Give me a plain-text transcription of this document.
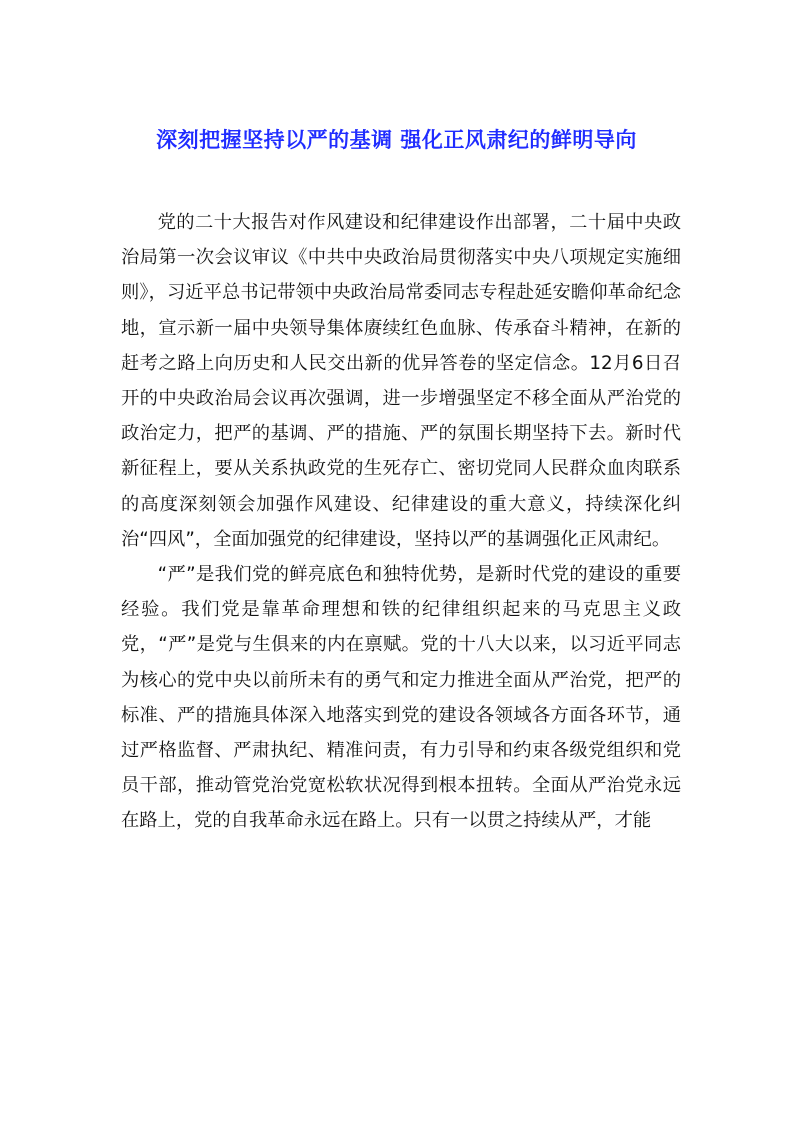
深刻把握坚持以严的基调 强化正风肃纪的鲜明导向

党的二十大报告对作风建设和纪律建设作出部署，二十届中央政治局第一次会议审议《中共中央政治局贯彻落实中央八项规定实施细则》，习近平总书记带领中央政治局常委同志专程赴延安瞻仰革命纪念地，宣示新一届中央领导集体赓续红色血脉、传承奋斗精神，在新的赶考之路上向历史和人民交出新的优异答卷的坚定信念。12月6日召开的中央政治局会议再次强调，进一步增强坚定不移全面从严治党的政治定力，把严的基调、严的措施、严的氛围长期坚持下去。新时代新征程上，要从关系执政党的生死存亡、密切党同人民群众血肉联系的高度深刻领会加强作风建设、纪律建设的重大意义，持续深化纠治“四风”，全面加强党的纪律建设，坚持以严的基调强化正风肃纪。

“严”是我们党的鲜亮底色和独特优势，是新时代党的建设的重要经验。我们党是靠革命理想和铁的纪律组织起来的马克思主义政党，“严”是党与生俱来的内在禀赋。党的十八大以来，以习近平同志为核心的党中央以前所未有的勇气和定力推进全面从严治党，把严的标准、严的措施具体深入地落实到党的建设各领域各方面各环节，通过严格监督、严肃执纪、精准问责，有力引导和约束各级党组织和党员干部，推动管党治党宽松软状况得到根本扭转。全面从严治党永远在路上，党的自我革命永远在路上。只有一以贯之持续从严，才能
